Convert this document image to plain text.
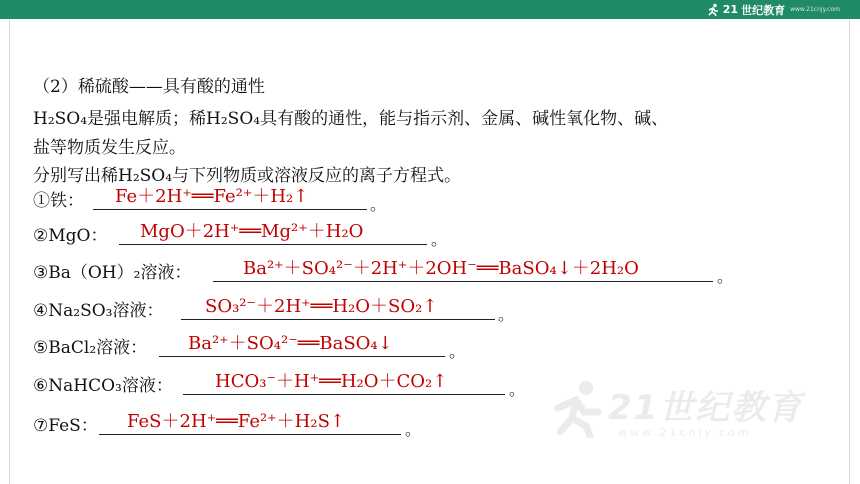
21 世纪教育 www.21cnjy.com
21世纪教育
www.21cnjy.com
（2）稀硫酸——具有酸的通性
H₂SO₄是强电解质；稀H₂SO₄具有酸的通性，能与指示剂、金属、碱性氧化物、碱、
盐等物质发生反应。
分别写出稀H₂SO₄与下列物质或溶液反应的离子方程式。
①铁： Fe＋2H⁺══Fe²⁺＋H₂↑	。
②MgO： MgO＋2H⁺══Mg²⁺＋H₂O	。
③Ba（OH）₂溶液：	Ba²⁺＋SO₄²⁻＋2H⁺＋2OH⁻══BaSO₄↓＋2H₂O	。
④Na₂SO₃溶液： SO₃²⁻＋2H⁺══H₂O＋SO₂↑	。
⑤BaCl₂溶液： Ba²⁺＋SO₄²⁻══BaSO₄↓	。
⑥NaHCO₃溶液： HCO₃⁻＋H⁺══H₂O＋CO₂↑	。
⑦FeS： FeS＋2H⁺══Fe²⁺＋H₂S↑	。
